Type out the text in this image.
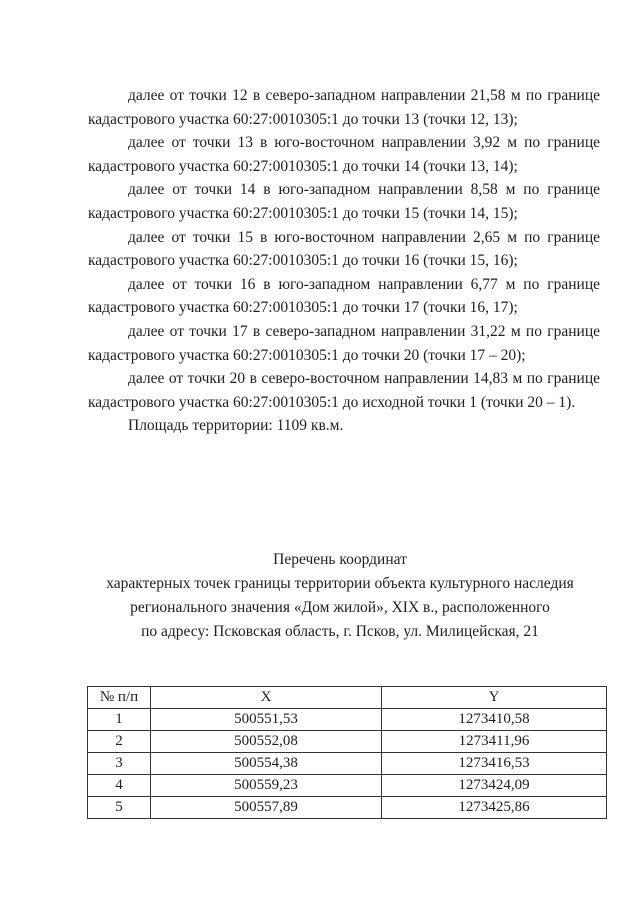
далее от точки 12 в северо-западном направлении 21,58 м по границе кадастрового участка 60:27:0010305:1 до точки 13 (точки 12, 13);

далее от точки 13 в юго-восточном направлении 3,92 м по границе кадастрового участка 60:27:0010305:1 до точки 14 (точки 13, 14);

далее от точки 14 в юго-западном направлении 8,58 м по границе кадастрового участка 60:27:0010305:1 до точки 15 (точки 14, 15);

далее от точки 15 в юго-восточном направлении 2,65 м по границе кадастрового участка 60:27:0010305:1 до точки 16 (точки 15, 16);

далее от точки 16 в юго-западном направлении 6,77 м по границе кадастрового участка 60:27:0010305:1 до точки 17 (точки 16, 17);

далее от точки 17 в северо-западном направлении 31,22 м по границе кадастрового участка 60:27:0010305:1 до точки 20 (точки 17 – 20);

далее от точки 20 в северо-восточном направлении 14,83 м по границе кадастрового участка 60:27:0010305:1 до исходной точки 1 (точки 20 – 1).

Площадь территории: 1109 кв.м.

Перечень координат
характерных точек границы территории объекта культурного наследия
регионального значения «Дом жилой», XIX в., расположенного
по адресу: Псковская область, г. Псков, ул. Милицейская, 21
№ п/п	X	Y
1	500551,53	1273410,58
2	500552,08	1273411,96
3	500554,38	1273416,53
4	500559,23	1273424,09
5	500557,89	1273425,86
